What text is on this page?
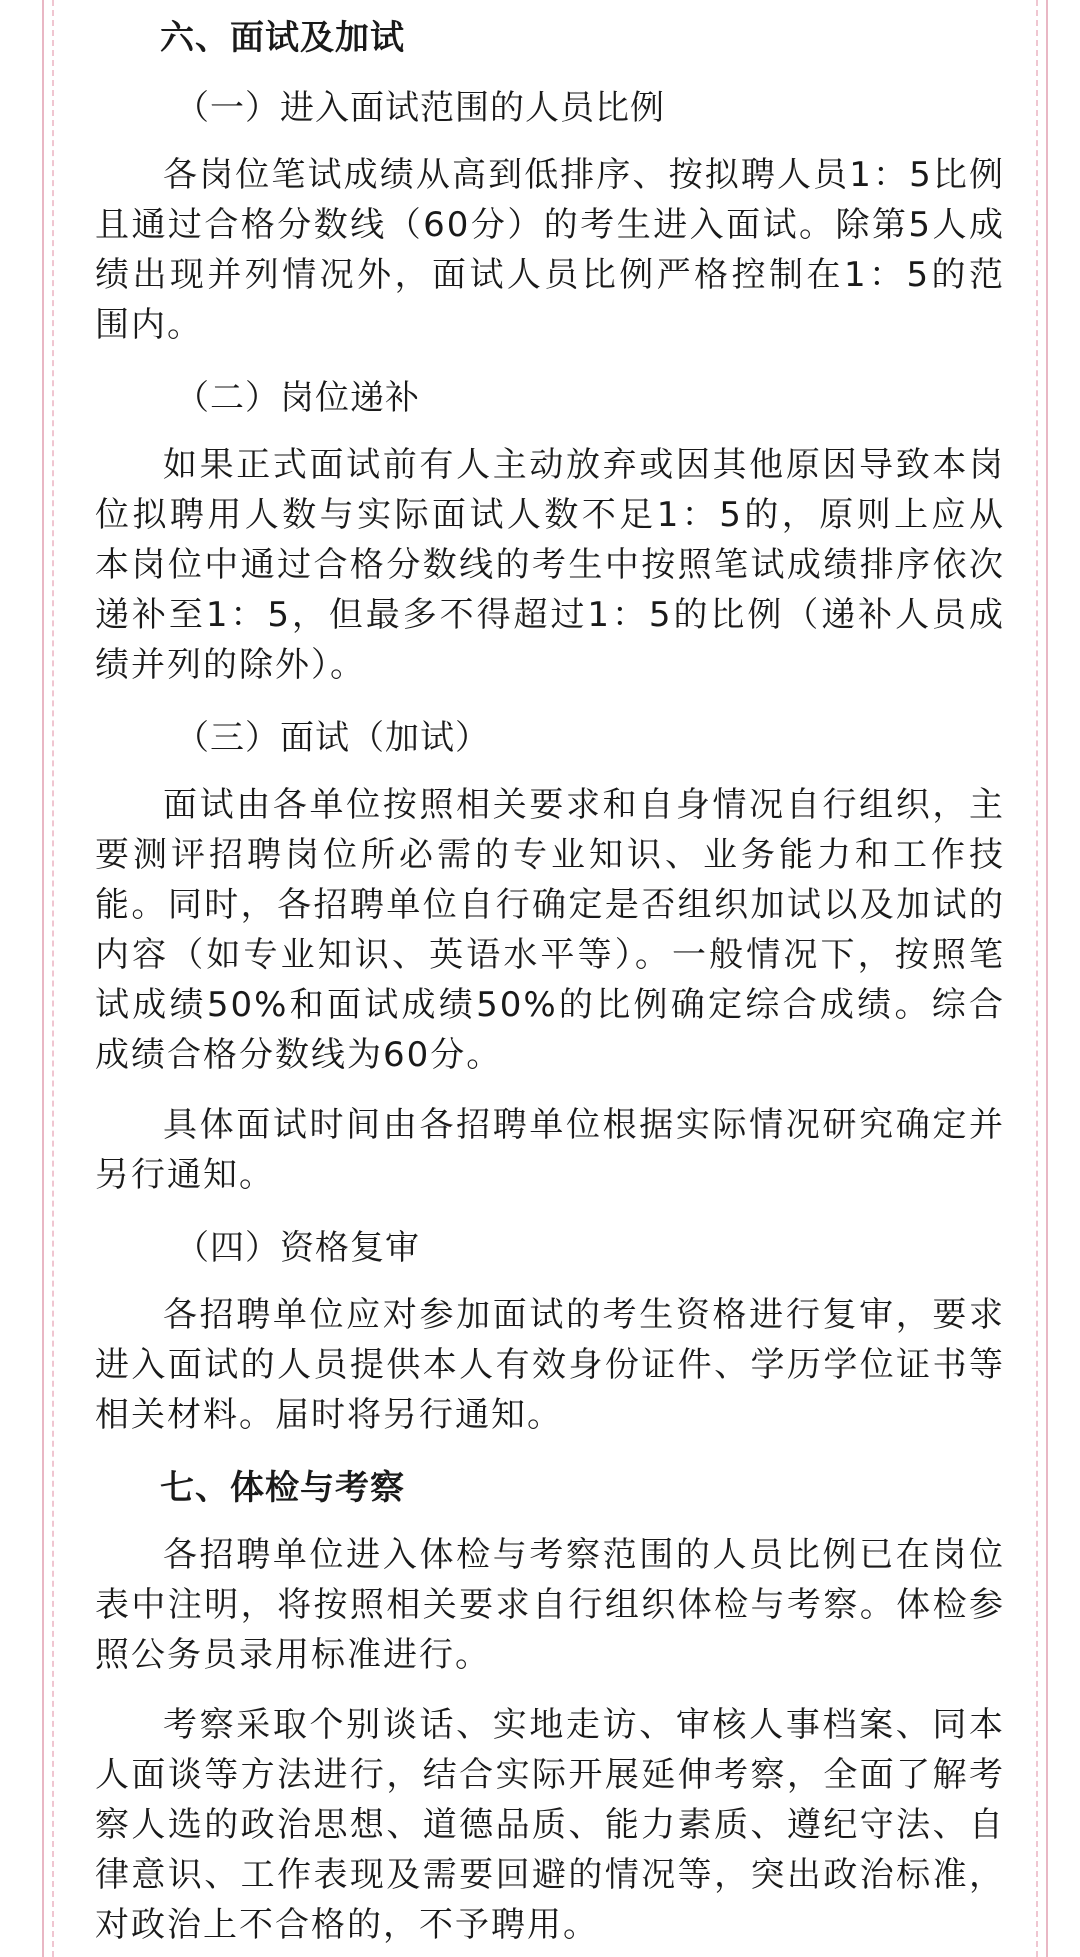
六、面试及加试
（一）进入面试范围的人员比例
各岗位笔试成绩从高到低排序、按拟聘人员1：5比例且通过合格分数线（60分）的考生进入面试。除第5人成绩出现并列情况外，面试人员比例严格控制在1：5的范围内。
（二）岗位递补
如果正式面试前有人主动放弃或因其他原因导致本岗位拟聘用人数与实际面试人数不足1：5的，原则上应从本岗位中通过合格分数线的考生中按照笔试成绩排序依次递补至1：5，但最多不得超过1：5的比例（递补人员成绩并列的除外）。
（三）面试（加试）
面试由各单位按照相关要求和自身情况自行组织，主要测评招聘岗位所必需的专业知识、业务能力和工作技能。同时，各招聘单位自行确定是否组织加试以及加试的内容（如专业知识、英语水平等）。一般情况下，按照笔试成绩50%和面试成绩50%的比例确定综合成绩。综合成绩合格分数线为60分。
具体面试时间由各招聘单位根据实际情况研究确定并另行通知。
（四）资格复审
各招聘单位应对参加面试的考生资格进行复审，要求进入面试的人员提供本人有效身份证件、学历学位证书等相关材料。届时将另行通知。
七、体检与考察
各招聘单位进入体检与考察范围的人员比例已在岗位表中注明，将按照相关要求自行组织体检与考察。体检参照公务员录用标准进行。
考察采取个别谈话、实地走访、审核人事档案、同本人面谈等方法进行，结合实际开展延伸考察，全面了解考察人选的政治思想、道德品质、能力素质、遵纪守法、自律意识、工作表现及需要回避的情况等，突出政治标准，对政治上不合格的，不予聘用。
